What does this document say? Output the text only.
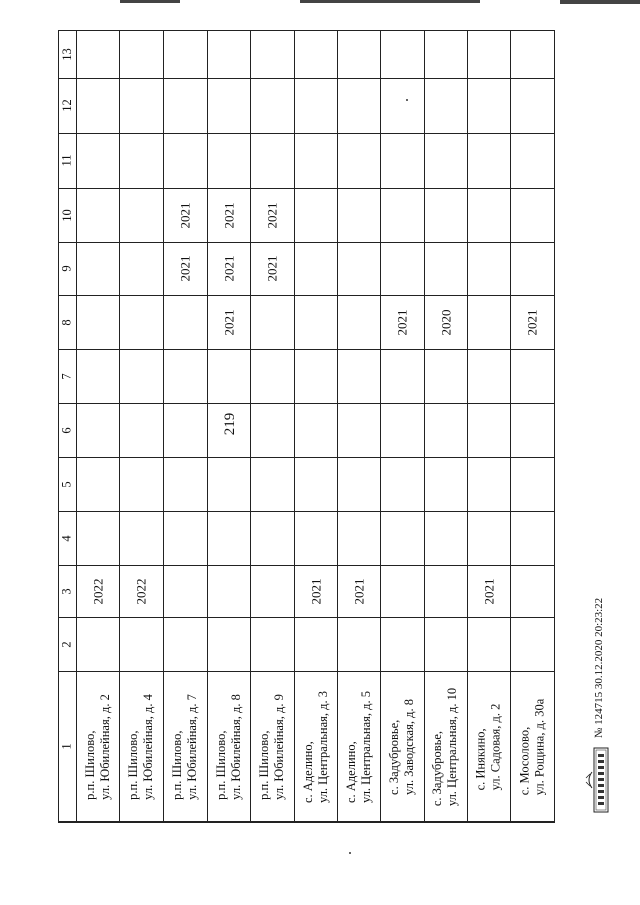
219
1
2
3
4
5
6
7
8
9
10
11
12
13
р.п. Шилово, ул. Юбилейная, д. 2
2022
р.п. Шилово, ул. Юбилейная, д. 4
2022
р.п. Шилово, ул. Юбилейная, д. 7
2021
2021
р.п. Шилово, ул. Юбилейная, д. 8
2021
2021
2021
р.п. Шилово, ул. Юбилейная, д. 9
2021
2021
с. Аделино, ул. Центральная, д. 3
2021
с. Аделино, ул. Центральная, д. 5
2021
с. Задубровье, ул. Заводская, д. 8
2021
с. Задубровье, ул. Центральная, д. 10
2020
с. Инякино, ул. Садовая, д. 2
2021
с. Мосолово, ул. Рощина, д. 30а
2021
№ 124715 30.12.2020 20:23:22
